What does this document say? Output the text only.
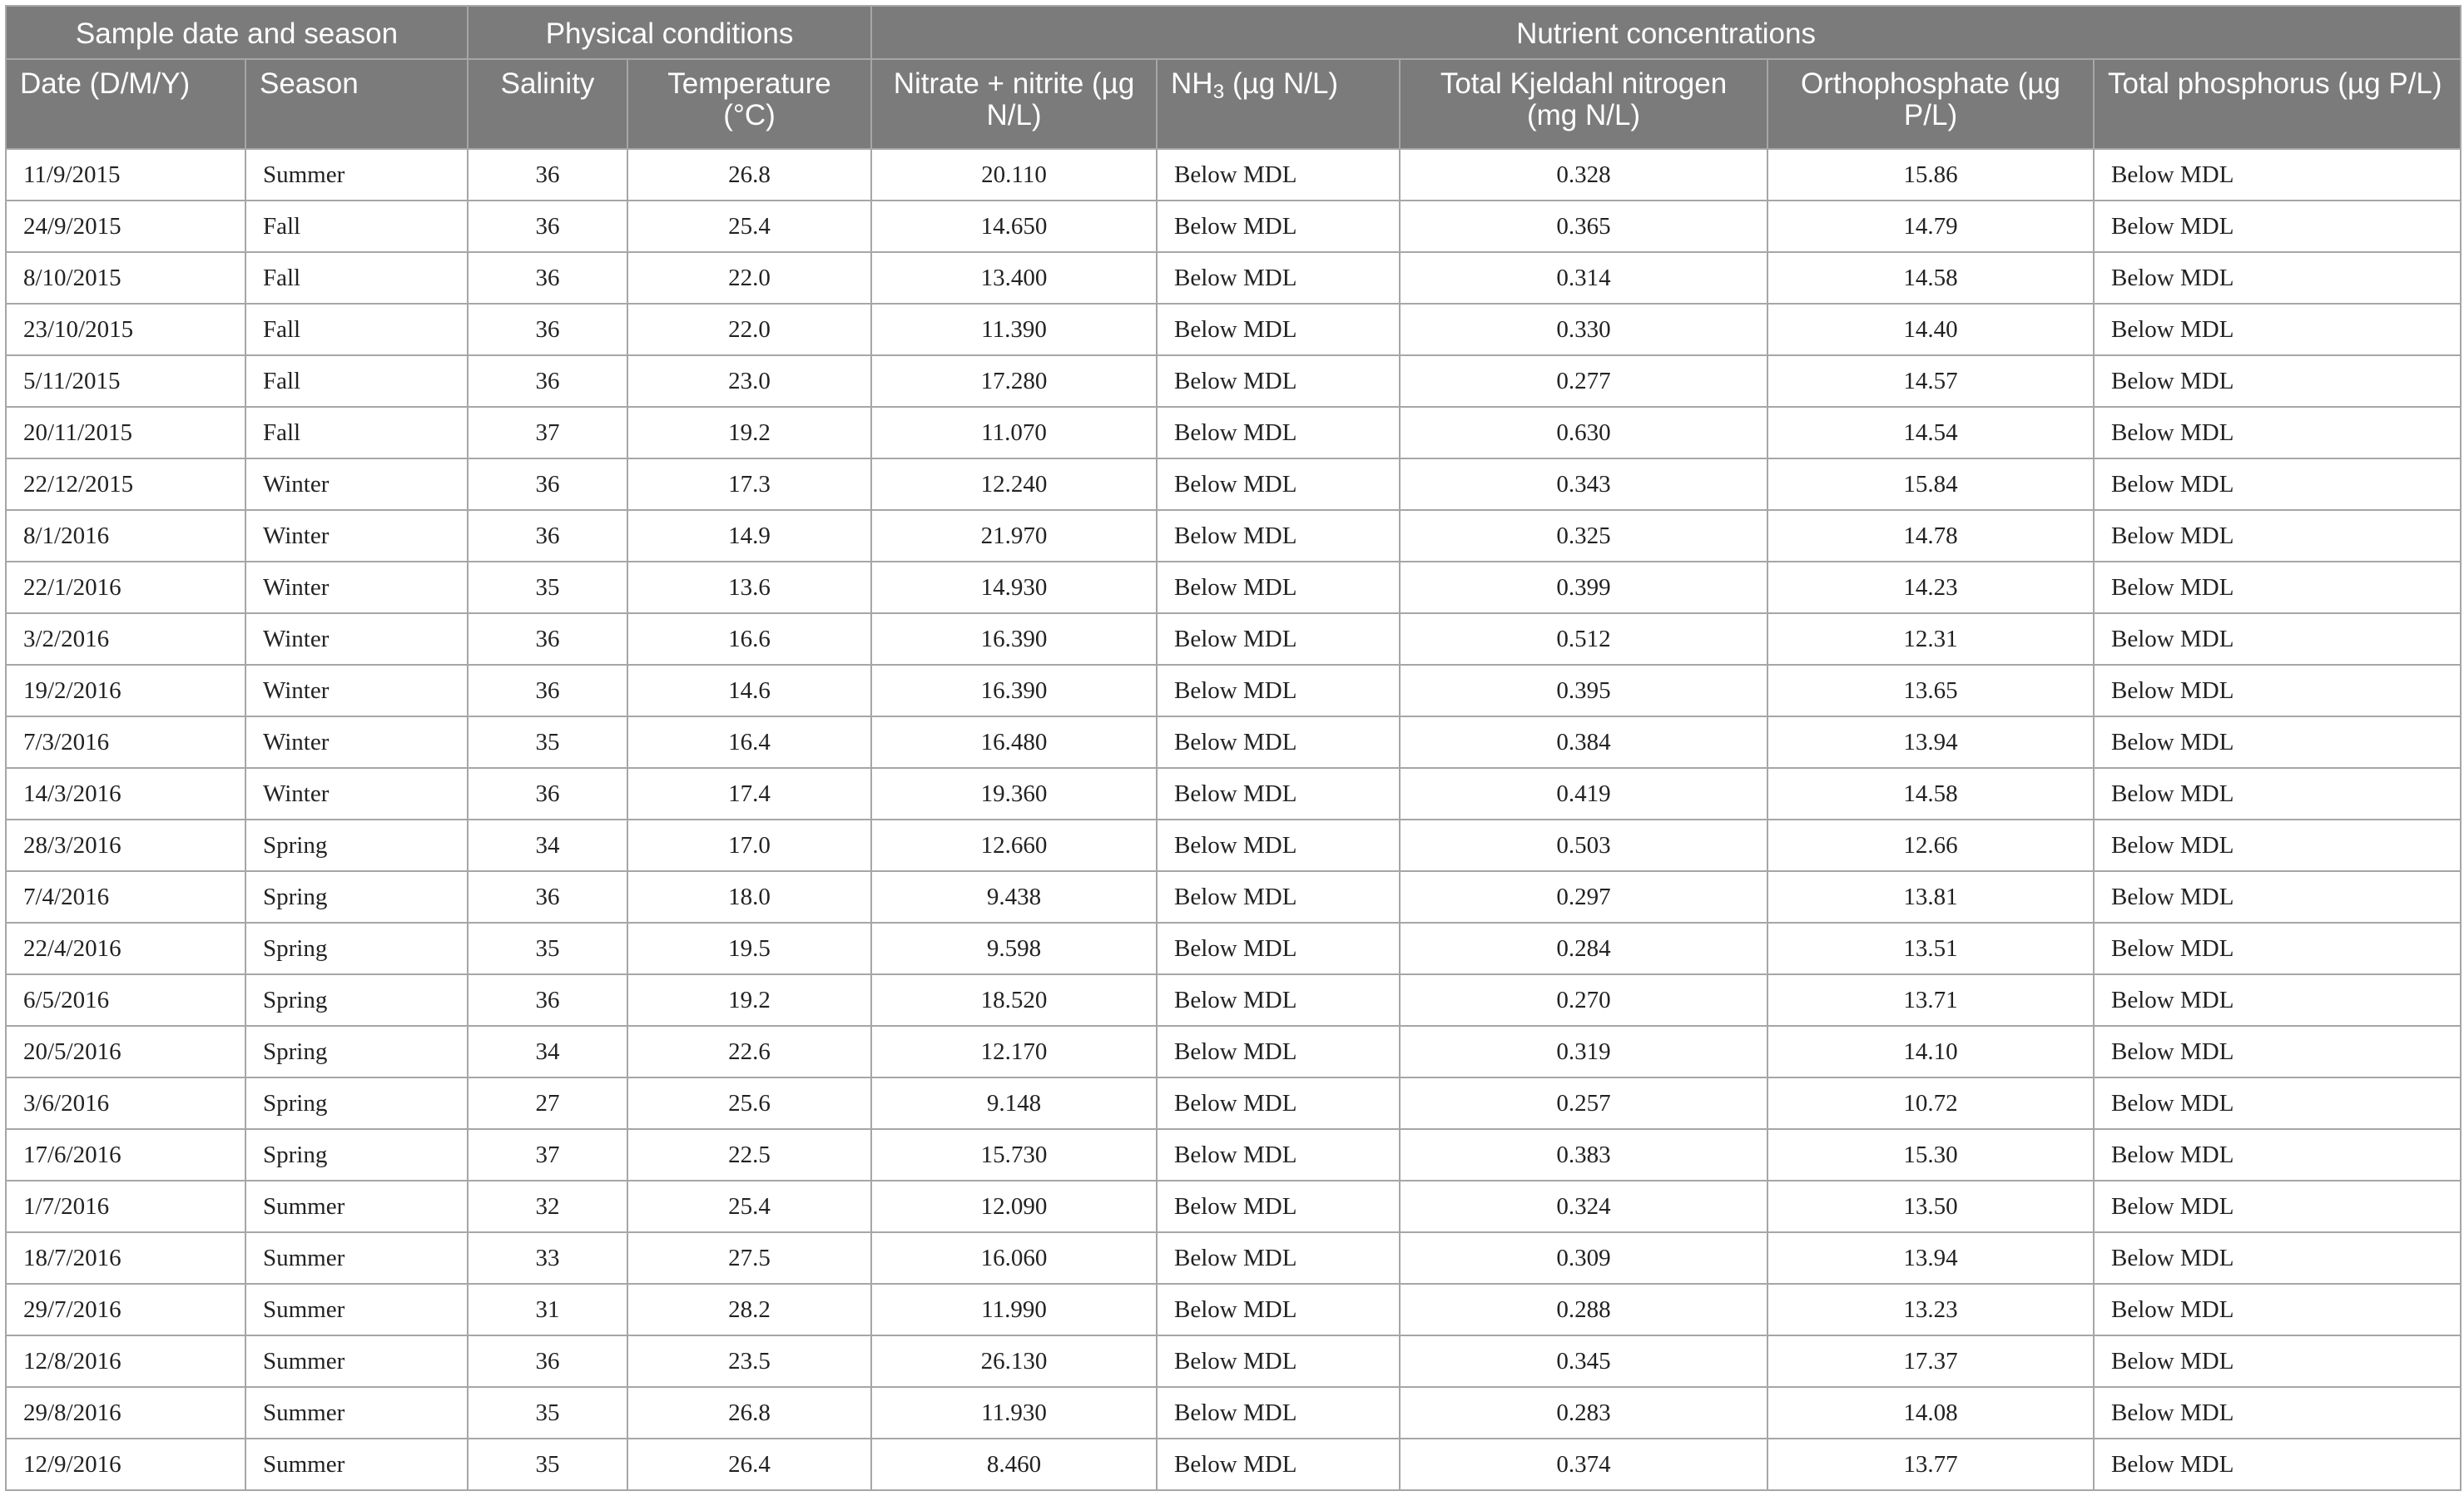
Sample date and season		Physical conditions		Nutrient concentrations				
Date (D/M/Y)	Season	Salinity	Temperature (°C)	Nitrate + nitrite (µg N/L)	$NH_3$ (µg N/L)	Total Kjeldahl nitrogen (mg N/L)	Orthophosphate (µg P/L)	Total phosphorus (µg P/L)
11/9/2015	Summer	36	26.8	20.110	Below MDL	0.328	15.86	Below MDL
24/9/2015	Fall	36	25.4	14.650	Below MDL	0.365	14.79	Below MDL
8/10/2015	Fall	36	22.0	13.400	Below MDL	0.314	14.58	Below MDL
23/10/2015	Fall	36	22.0	11.390	Below MDL	0.330	14.40	Below MDL
5/11/2015	Fall	36	23.0	17.280	Below MDL	0.277	14.57	Below MDL
20/11/2015	Fall	37	19.2	11.070	Below MDL	0.630	14.54	Below MDL
22/12/2015	Winter	36	17.3	12.240	Below MDL	0.343	15.84	Below MDL
8/1/2016	Winter	36	14.9	21.970	Below MDL	0.325	14.78	Below MDL
22/1/2016	Winter	35	13.6	14.930	Below MDL	0.399	14.23	Below MDL
3/2/2016	Winter	36	16.6	16.390	Below MDL	0.512	12.31	Below MDL
19/2/2016	Winter	36	14.6	16.390	Below MDL	0.395	13.65	Below MDL
7/3/2016	Winter	35	16.4	16.480	Below MDL	0.384	13.94	Below MDL
14/3/2016	Winter	36	17.4	19.360	Below MDL	0.419	14.58	Below MDL
28/3/2016	Spring	34	17.0	12.660	Below MDL	0.503	12.66	Below MDL
7/4/2016	Spring	36	18.0	9.438	Below MDL	0.297	13.81	Below MDL
22/4/2016	Spring	35	19.5	9.598	Below MDL	0.284	13.51	Below MDL
6/5/2016	Spring	36	19.2	18.520	Below MDL	0.270	13.71	Below MDL
20/5/2016	Spring	34	22.6	12.170	Below MDL	0.319	14.10	Below MDL
3/6/2016	Spring	27	25.6	9.148	Below MDL	0.257	10.72	Below MDL
17/6/2016	Spring	37	22.5	15.730	Below MDL	0.383	15.30	Below MDL
1/7/2016	Summer	32	25.4	12.090	Below MDL	0.324	13.50	Below MDL
18/7/2016	Summer	33	27.5	16.060	Below MDL	0.309	13.94	Below MDL
29/7/2016	Summer	31	28.2	11.990	Below MDL	0.288	13.23	Below MDL
12/8/2016	Summer	36	23.5	26.130	Below MDL	0.345	17.37	Below MDL
29/8/2016	Summer	35	26.8	11.930	Below MDL	0.283	14.08	Below MDL
12/9/2016	Summer	35	26.4	8.460	Below MDL	0.374	13.77	Below MDL
